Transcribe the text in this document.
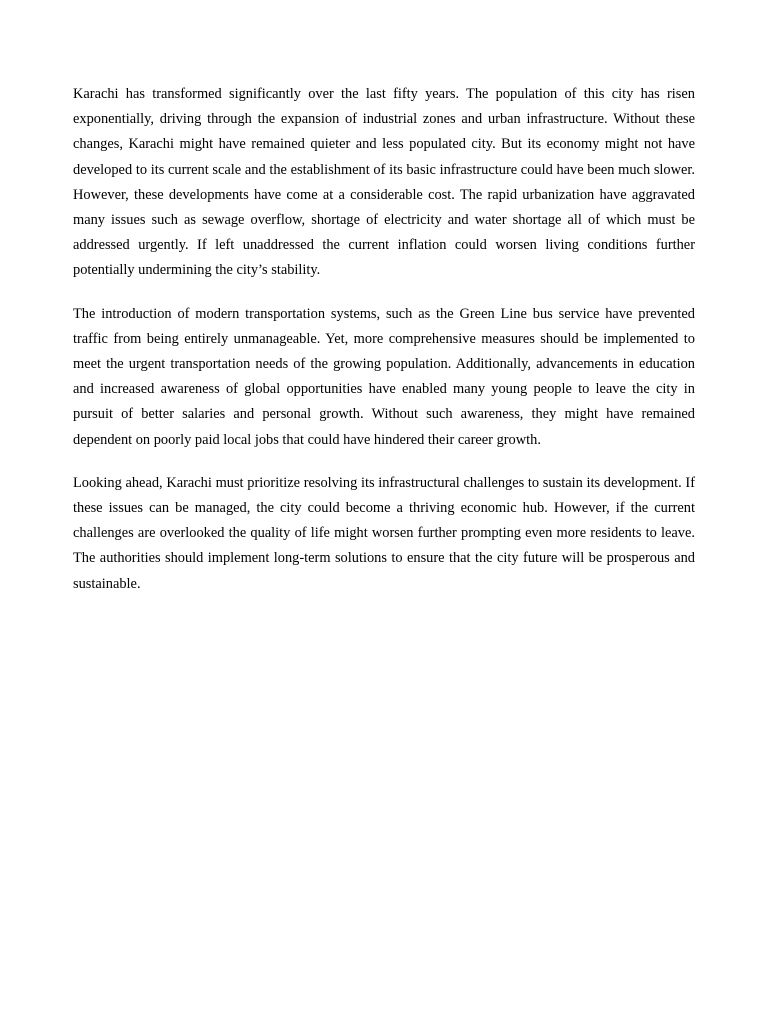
Karachi has transformed significantly over the last fifty years. The population of this city has risen exponentially, driving through the expansion of industrial zones and urban infrastructure. Without these changes, Karachi might have remained quieter and less populated city. But its economy might not have developed to its current scale and the establishment of its basic infrastructure could have been much slower. However, these developments have come at a considerable cost. The rapid urbanization have aggravated many issues such as sewage overflow, shortage of electricity and water shortage all of which must be addressed urgently. If left unaddressed the current inflation could worsen living conditions further potentially undermining the city’s stability.

The introduction of modern transportation systems, such as the Green Line bus service have prevented traffic from being entirely unmanageable. Yet, more comprehensive measures should be implemented to meet the urgent transportation needs of the growing population. Additionally, advancements in education and increased awareness of global opportunities have enabled many young people to leave the city in pursuit of better salaries and personal growth. Without such awareness, they might have remained dependent on poorly paid local jobs that could have hindered their career growth.

Looking ahead, Karachi must prioritize resolving its infrastructural challenges to sustain its development. If these issues can be managed, the city could become a thriving economic hub. However, if the current challenges are overlooked the quality of life might worsen further prompting even more residents to leave. The authorities should implement long-term solutions to ensure that the city future will be prosperous and sustainable.
